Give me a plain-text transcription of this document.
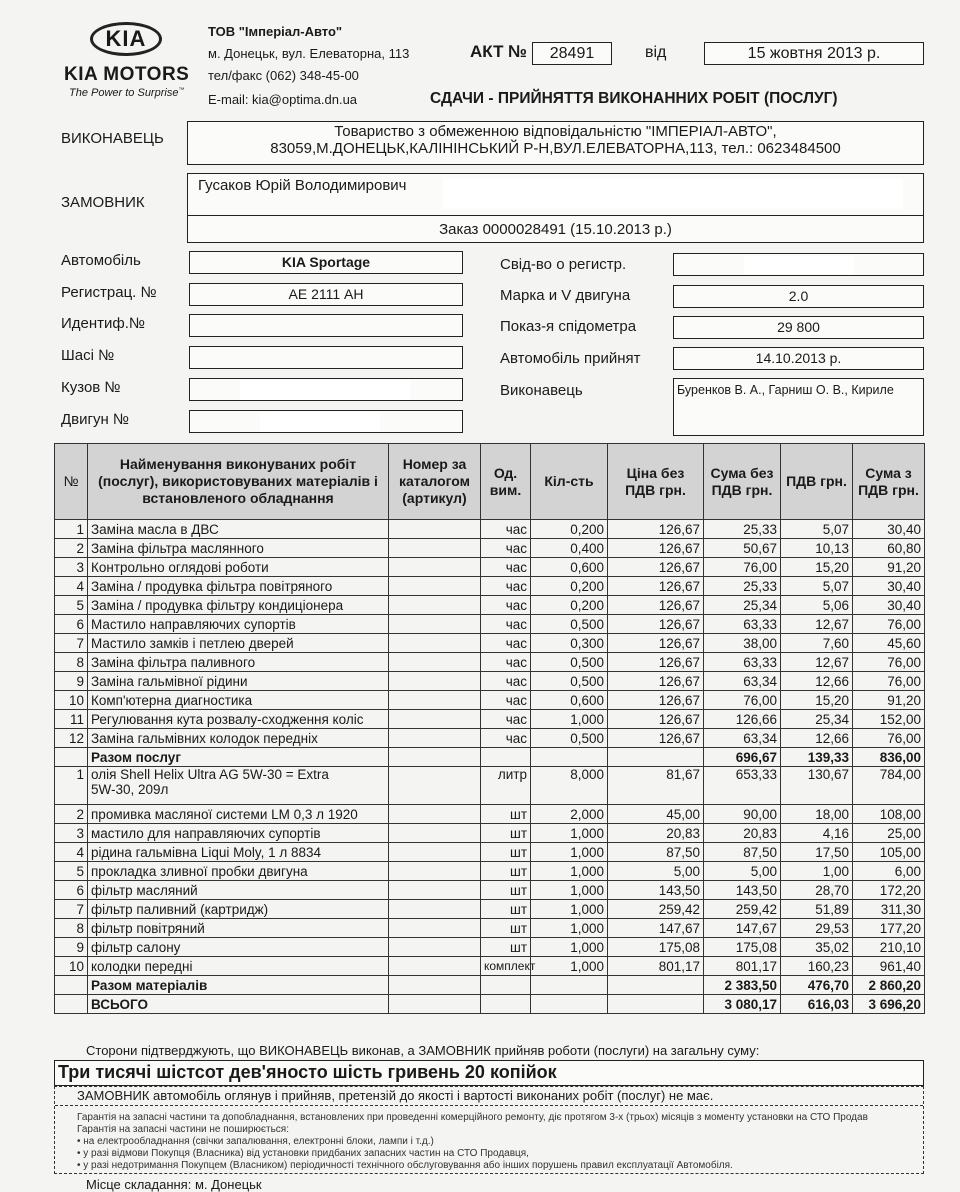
KIA
KIA MOTORS
The Power to Surprise™
ТОВ "Імперіал-Авто"
м. Донецьк, вул. Елеваторна, 113
тел/факс (062) 348-45-00
E-mail: kia@optima.dn.ua
АКТ №	28491	від	15 жовтня 2013 р.
СДАЧИ - ПРИЙНЯТТЯ ВИКОНАННИХ РОБІТ (ПОСЛУГ)
ВИКОНАВЕЦЬ	Товариство з обмеженною відповідальністю "ІМПЕРІАЛ-АВТО",
83059,М.ДОНЕЦЬК,КАЛІНІНСЬКИЙ Р-Н,ВУЛ.ЕЛЕВАТОРНА,113, тел.: 0623484500
ЗАМОВНИК
Гусаков Юрій Володимирович
Заказ 0000028491 (15.10.2013 р.)
Автомобіль	KIA Sportage
Регистрац. №	АЕ 2111 АН
Идентиф.№
Шасі №
Кузов №
Двигун №
Свід-во о регистр.
Марка и V двигуна	2.0
Показ-я спідометра	29 800
Автомобіль прийнят	14.10.2013 р.
Виконавець	Буренков В. А., Гарниш О. В., Кириле
№	Найменування виконуваних робіт (послуг), використовуваних матеріалів і встановленого обладнання	Номер за каталогом (артикул)	Од. вим.	Кіл-сть	Ціна без ПДВ грн.	Сума без ПДВ грн.	ПДВ грн.	Сума з ПДВ грн.
1	Заміна масла в ДВС		час	0,200	126,67	25,33	5,07	30,40
2	Заміна фільтра маслянного		час	0,400	126,67	50,67	10,13	60,80
3	Контрольно оглядові роботи		час	0,600	126,67	76,00	15,20	91,20
4	Заміна / продувка фільтра повітряного		час	0,200	126,67	25,33	5,07	30,40
5	Заміна / продувка фільтру кондиціонера		час	0,200	126,67	25,34	5,06	30,40
6	Мастило направляючих супортів		час	0,500	126,67	63,33	12,67	76,00
7	Мастило замків і петлею дверей		час	0,300	126,67	38,00	7,60	45,60
8	Заміна фільтра паливного		час	0,500	126,67	63,33	12,67	76,00
9	Заміна гальмівної рідини		час	0,500	126,67	63,34	12,66	76,00
10	Комп'ютерна диагностика		час	0,600	126,67	76,00	15,20	91,20
11	Регулювання кута розвалу-сходження коліс		час	1,000	126,67	126,66	25,34	152,00
12	Заміна гальмівних колодок передніх		час	0,500	126,67	63,34	12,66	76,00
	Разом послуг					696,67	139,33	836,00
1	олія Shell Helix Ultra AG 5W-30 = Extra
5W-30, 209л		литр	8,000	81,67	653,33	130,67	784,00
2	промивка масляної системи LM 0,3 л 1920		шт	2,000	45,00	90,00	18,00	108,00
3	мастило для направляючих супортів		шт	1,000	20,83	20,83	4,16	25,00
4	рідина гальмівна Liqui Moly, 1 л 8834		шт	1,000	87,50	87,50	17,50	105,00
5	прокладка зливної пробки двигуна		шт	1,000	5,00	5,00	1,00	6,00
6	фільтр масляний		шт	1,000	143,50	143,50	28,70	172,20
7	фільтр паливний (картридж)		шт	1,000	259,42	259,42	51,89	311,30
8	фільтр повітряний		шт	1,000	147,67	147,67	29,53	177,20
9	фільтр салону		шт	1,000	175,08	175,08	35,02	210,10
10	колодки передні		комплект	1,000	801,17	801,17	160,23	961,40
	Разом матеріалів					2 383,50	476,70	2 860,20
	ВСЬОГО					3 080,17	616,03	3 696,20
Сторони підтверджують, що ВИКОНАВЕЦЬ виконав, а ЗАМОВНИК прийняв роботи (послуги) на загальну суму:
Три тисячі шістсот дев'яносто шість гривень 20 копійок
ЗАМОВНИК автомобіль оглянув і прийняв, претензій до якості і вартості виконаних робіт (послуг) не має.
Гарантія на запасні частини та допобладнання, встановлених при проведенні комерційного ремонту, діє протягом 3-х (трьох) місяців з моменту установки на СТО Продав
Гарантія на запасні частини не поширюється:
• на електрообладнання (свічки запалювання, електронні блоки, лампи і т.д.)
• у разі відмови Покупця (Власника) від установки придбаних запасних частин на СТО Продавця,
• у разі недотримання Покупцем (Власником) періодичності технічного обслуговування або інших порушень правил експлуатації Автомобіля.
Місце складання: м. Донецьк
